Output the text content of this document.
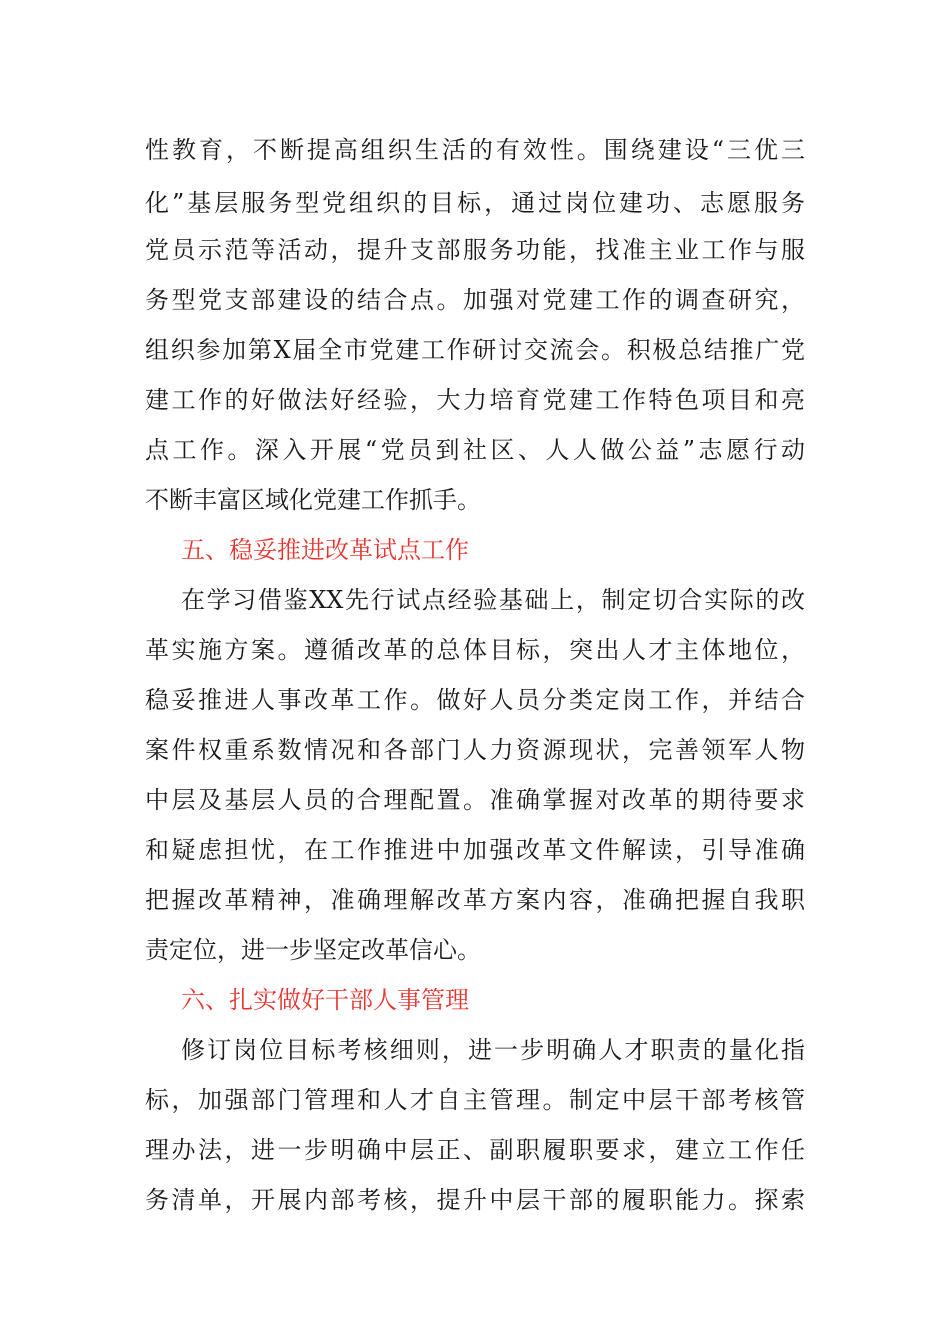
性教育，不断提高组织生活的有效性。围绕建设“三优三
化”基层服务型党组织的目标，通过岗位建功、志愿服务
党员示范等活动，提升支部服务功能，找准主业工作与服
务型党支部建设的结合点。加强对党建工作的调查研究，
组织参加第X届全市党建工作研讨交流会。积极总结推广党
建工作的好做法好经验，大力培育党建工作特色项目和亮
点工作。深入开展“党员到社区、人人做公益”志愿行动
不断丰富区域化党建工作抓手。
五、稳妥推进改革试点工作
在学习借鉴XX先行试点经验基础上，制定切合实际的改
革实施方案。遵循改革的总体目标，突出人才主体地位，
稳妥推进人事改革工作。做好人员分类定岗工作，并结合
案件权重系数情况和各部门人力资源现状，完善领军人物
中层及基层人员的合理配置。准确掌握对改革的期待要求
和疑虑担忧，在工作推进中加强改革文件解读，引导准确
把握改革精神，准确理解改革方案内容，准确把握自我职
责定位，进一步坚定改革信心。
六、扎实做好干部人事管理
修订岗位目标考核细则，进一步明确人才职责的量化指
标，加强部门管理和人才自主管理。制定中层干部考核管
理办法，进一步明确中层正、副职履职要求，建立工作任
务清单，开展内部考核，提升中层干部的履职能力。探索
